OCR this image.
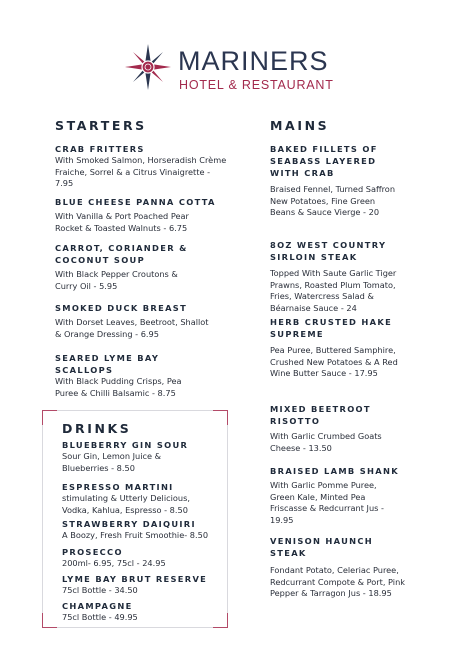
MARINERS
HOTEL & RESTAURANT
STARTERS
CRAB FRITTERS
With Smoked Salmon, Horseradish Crème Fraiche, Sorrel & a Citrus Vinaigrette - 7.95
BLUE CHEESE PANNA COTTA
With Vanilla & Port Poached Pear Rocket & Toasted Walnuts - 6.75
CARROT, CORIANDER & COCONUT SOUP
With Black Pepper Croutons & Curry Oil - 5.95
SMOKED DUCK BREAST
With Dorset Leaves, Beetroot, Shallot & Orange Dressing - 6.95
SEARED LYME BAY SCALLOPS
With Black Pudding Crisps, Pea Puree & Chilli Balsamic - 8.75
DRINKS
BLUEBERRY GIN SOUR
Sour Gin, Lemon Juice & Blueberries - 8.50
ESPRESSO MARTINI
stimulating & Utterly Delicious, Vodka, Kahlua, Espresso - 8.50
STRAWBERRY DAIQUIRI
A Boozy, Fresh Fruit Smoothie- 8.50
PROSECCO
200ml- 6.95, 75cl - 24.95
LYME BAY BRUT RESERVE
75cl Bottle - 34.50
CHAMPAGNE
75cl Bottle - 49.95
MAINS
BAKED FILLETS OF SEABASS LAYERED WITH CRAB
Braised Fennel, Turned Saffron New Potatoes, Fine Green Beans & Sauce Vierge - 20
8OZ WEST COUNTRY SIRLOIN STEAK
Topped With Saute Garlic Tiger Prawns, Roasted Plum Tomato, Fries, Watercress Salad & Béarnaise Sauce - 24
HERB CRUSTED HAKE SUPREME
Pea Puree, Buttered Samphire, Crushed New Potatoes & A Red Wine Butter Sauce - 17.95
MIXED BEETROOT RISOTTO
With Garlic Crumbed Goats Cheese - 13.50
BRAISED LAMB SHANK
With Garlic Pomme Puree, Green Kale, Minted Pea Friscasse & Redcurrant Jus - 19.95
VENISON HAUNCH STEAK
Fondant Potato, Celeriac Puree, Redcurrant Compote & Port, Pink Pepper & Tarragon Jus - 18.95
